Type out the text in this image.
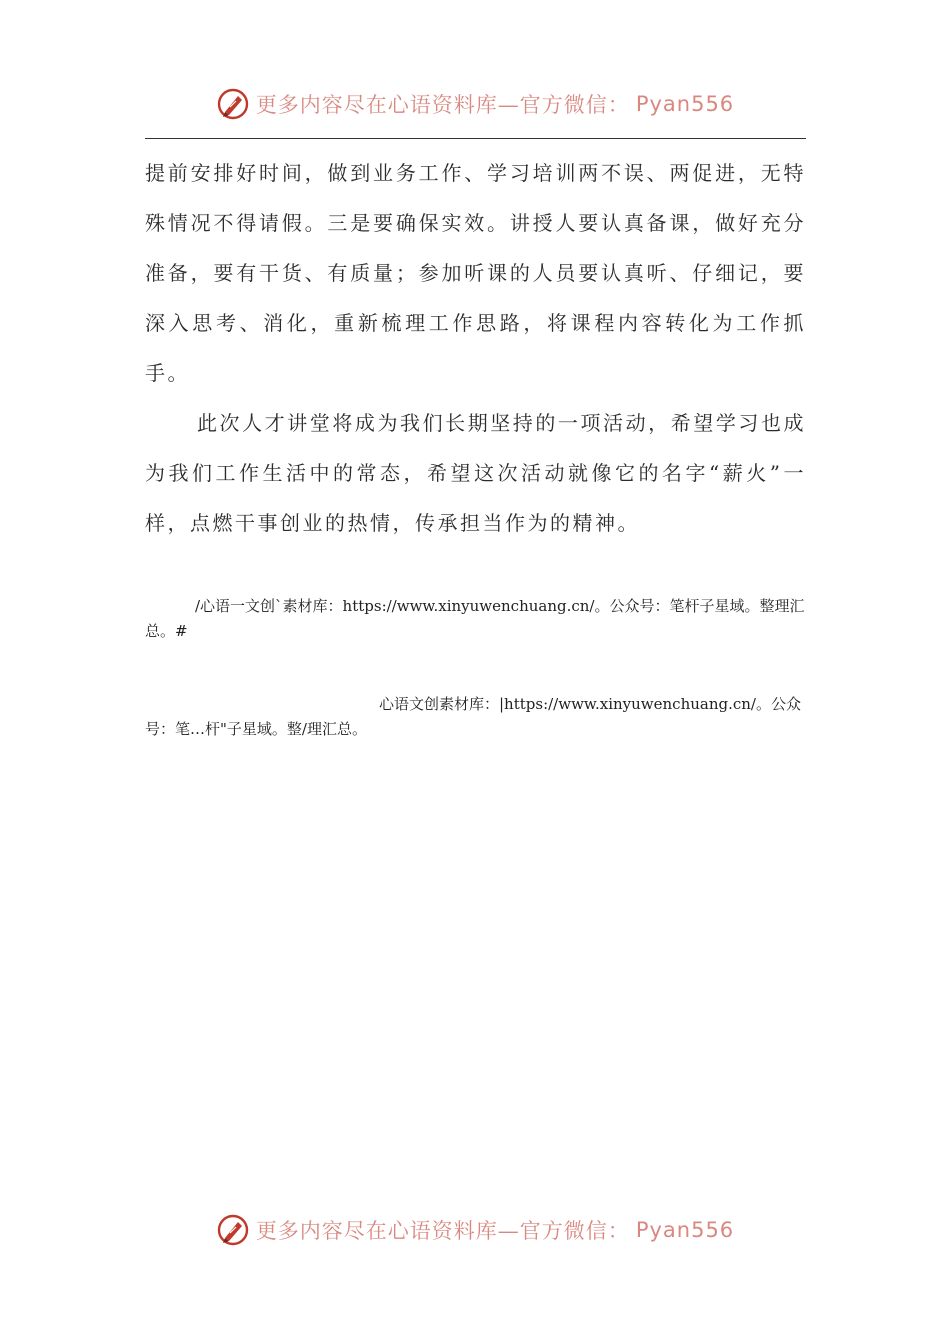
更多内容尽在心语资料库—官方微信： Pyan556

提前安排好时间，做到业务工作、学习培训两不误、两促进，无特殊情况不得请假。三是要确保实效。讲授人要认真备课，做好充分准备，要有干货、有质量；参加听课的人员要认真听、仔细记，要深入思考、消化，重新梳理工作思路，将课程内容转化为工作抓手。

此次人才讲堂将成为我们长期坚持的一项活动，希望学习也成为我们工作生活中的常态，希望这次活动就像它的名字“薪火”一样，点燃干事创业的热情，传承担当作为的精神。

/心语一文创`素材库：https://www.xinyuwenchuang.cn/。公众号：笔杆子星域。整理汇总。#
心语文创素材库：|https://www.xinyuwenchuang.cn/。公众号：笔…杆"子星域。整/理汇总。
更多内容尽在心语资料库—官方微信： Pyan556
